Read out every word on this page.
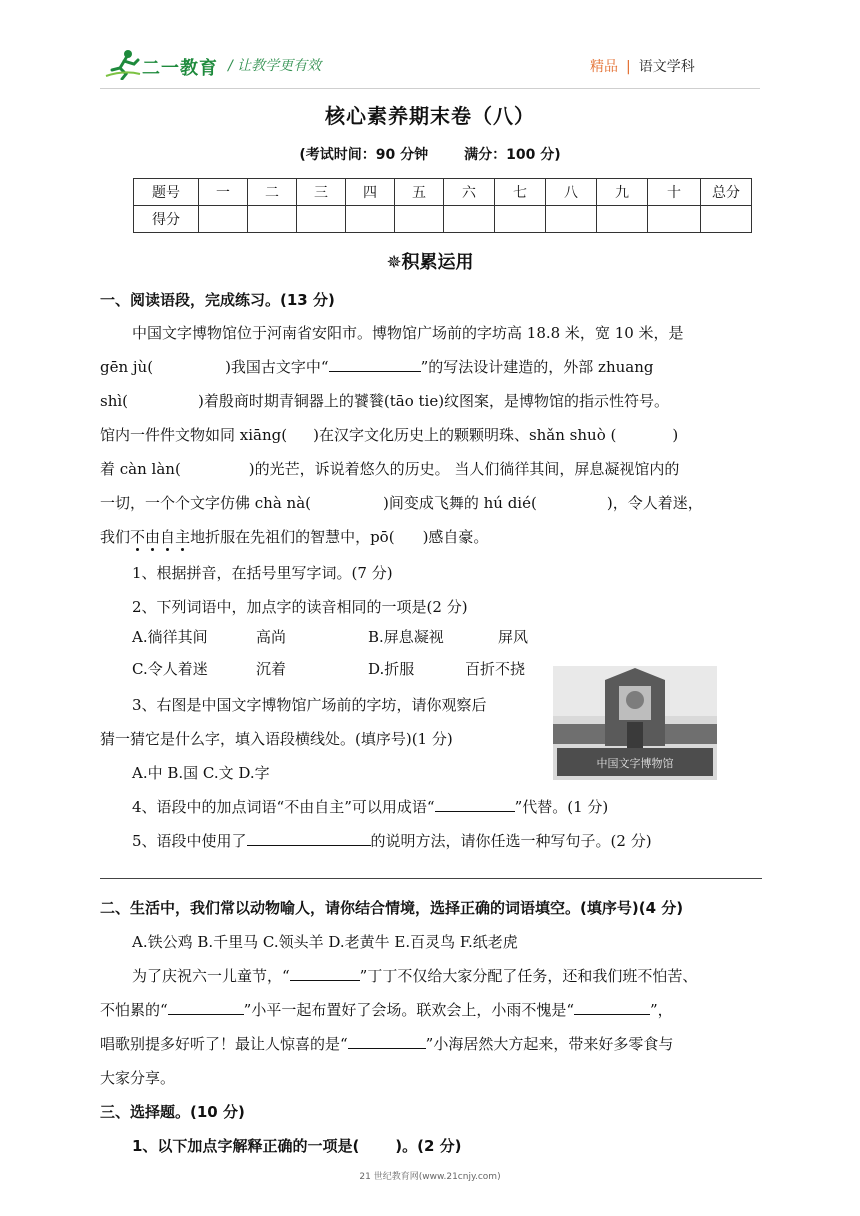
二一教育 / 让教学更有效	精品 | 语文学科
核心素养期末卷（八）
(考试时间：90 分钟	满分：100 分)
题号	一	二	三	四	五	六	七	八	九	十	总分
得分											
✵积累运用
一、阅读语段，完成练习。(13 分)
中国文字博物馆位于河南省安阳市。博物馆广场前的字坊高 18.8 米，宽 10 米，是
gēn jù(	)我国古文字中“	”的写法设计建造的，外部 zhuang
shì(	)着殷商时期青铜器上的饕餮(tāo tie)纹图案，是博物馆的指示性符号。
馆内一件件文物如同 xiāng( )在汉字文化历史上的颗颗明珠、shǎn shuò (	)
着 càn làn(	)的光芒，诉说着悠久的历史。 当人们徜徉其间，屏息凝视馆内的
一切，一个个文字仿佛 chà nà(	)间变成飞舞的 hú dié(	)，令人着迷，
我们不由自主地折服在先祖们的智慧中，pō( )感自豪。
1、根据拼音，在括号里写字词。(7 分)
2、下列词语中，加点字的读音相同的一项是(2 分)
A.徜徉其间	高尚	B.屏息凝视	屏风
C.令人着迷	沉着	D.折服	百折不挠
3、右图是中国文字博物馆广场前的字坊，请你观察后
猜一猜它是什么字，填入语段横线处。(填序号)(1 分)
A.中 B.国 C.文 D.字
中国文字博物馆
4、语段中的加点词语“不由自主”可以用成语“	”代替。(1 分)
5、语段中使用了	的说明方法，请你任选一种写句子。(2 分)
二、生活中，我们常以动物喻人，请你结合情境，选择正确的词语填空。(填序号)(4 分)
A.铁公鸡 B.千里马 C.领头羊 D.老黄牛 E.百灵鸟 F.纸老虎
为了庆祝六一儿童节，“	”丁丁不仅给大家分配了任务，还和我们班不怕苦、
不怕累的“	”小平一起布置好了会场。联欢会上，小雨不愧是“	”，
唱歌别提多好听了！最让人惊喜的是“	”小海居然大方起来，带来好多零食与
大家分享。
三、选择题。(10 分)
1、以下加点字解释正确的一项是( )。(2 分)
21 世纪教育网(www.21cnjy.com)
